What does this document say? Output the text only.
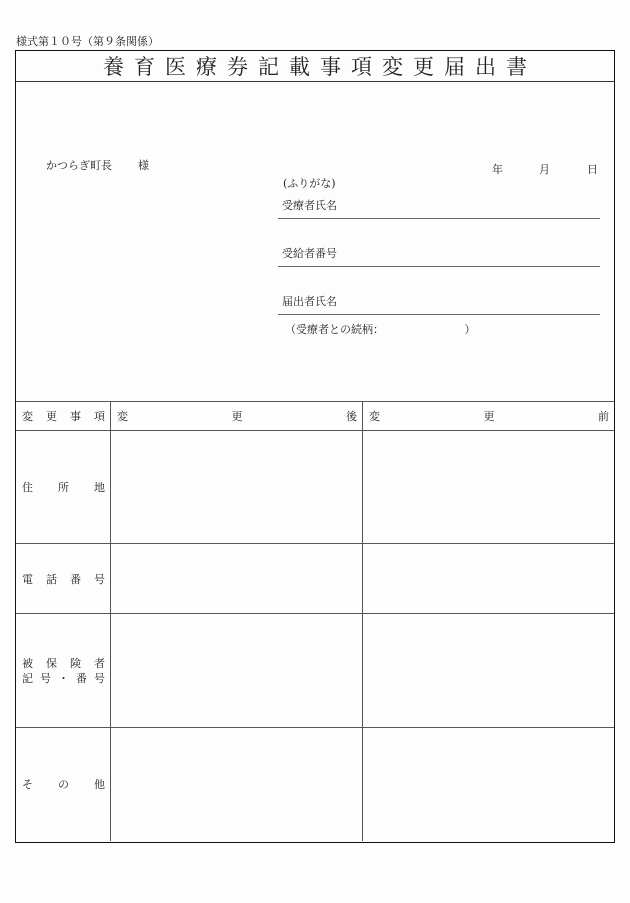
様式第１０号（第９条関係）
養育医療券記載事項変更届出書
年	月	日
かつらぎ町長 様
(ふりがな)
受療者氏名
受給者番号
届出者氏名
（受療者との続柄：	）
変 更 事 項	変 更 後	変 更 前

住 所 地		

電 話 番 号		

被 保 険 者
記 号 ・ 番 号

そ の 他		
